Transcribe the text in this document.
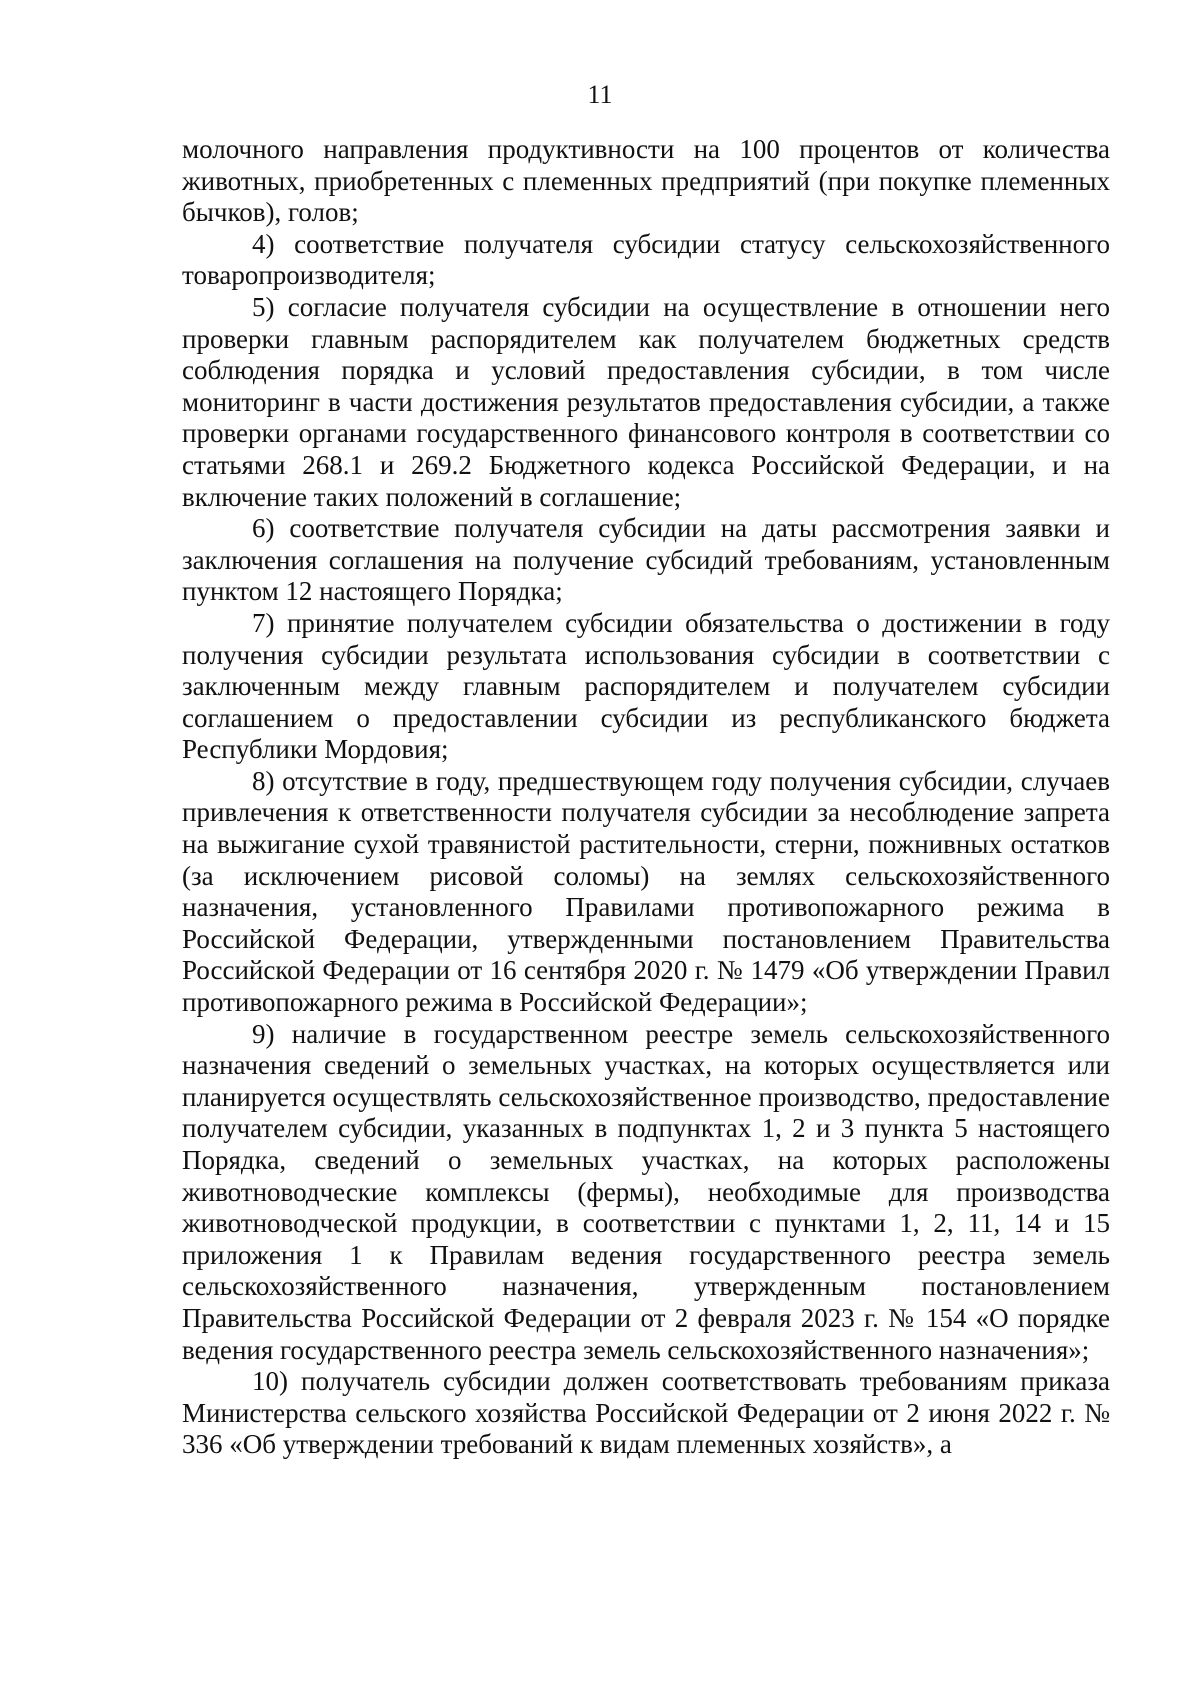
11

молочного направления продуктивности на 100 процентов от количества животных, приобретенных с племенных предприятий (при покупке племенных бычков), голов;

4) соответствие получателя субсидии статусу сельскохозяйственного товаропроизводителя;

5) согласие получателя субсидии на осуществление в отношении него проверки главным распорядителем как получателем бюджетных средств соблюдения порядка и условий предоставления субсидии, в том числе мониторинг в части достижения результатов предоставления субсидии, а также проверки органами государственного финансового контроля в соответствии со статьями 268.1 и 269.2 Бюджетного кодекса Российской Федерации, и на включение таких положений в соглашение;

6) соответствие получателя субсидии на даты рассмотрения заявки и заключения соглашения на получение субсидий требованиям, установленным пунктом 12 настоящего Порядка;

7) принятие получателем субсидии обязательства о достижении в году получения субсидии результата использования субсидии в соответствии с заключенным между главным распорядителем и получателем субсидии соглашением о предоставлении субсидии из республиканского бюджета Республики Мордовия;

8) отсутствие в году, предшествующем году получения субсидии, случаев привлечения к ответственности получателя субсидии за несоблюдение запрета на выжигание сухой травянистой растительности, стерни, пожнивных остатков (за исключением рисовой соломы) на землях сельскохозяйственного назначения, установленного Правилами противопожарного режима в Российской Федерации, утвержденными постановлением Правительства Российской Федерации от 16 сентября 2020 г. № 1479 «Об утверждении Правил противопожарного режима в Российской Федерации»;

9) наличие в государственном реестре земель сельскохозяйственного назначения сведений о земельных участках, на которых осуществляется или планируется осуществлять сельскохозяйственное производство, предоставление получателем субсидии, указанных в подпунктах 1, 2 и 3 пункта 5 настоящего Порядка, сведений о земельных участках, на которых расположены животноводческие комплексы (фермы), необходимые для производства животноводческой продукции, в соответствии с пунктами 1, 2, 11, 14 и 15 приложения 1 к Правилам ведения государственного реестра земель сельскохозяйственного назначения, утвержденным постановлением Правительства Российской Федерации от 2 февраля 2023 г. № 154 «О порядке ведения государственного реестра земель сельскохозяйственного назначения»;

10) получатель субсидии должен соответствовать требованиям приказа Министерства сельского хозяйства Российской Федерации от 2 июня 2022 г. № 336 «Об утверждении требований к видам племенных хозяйств», а
